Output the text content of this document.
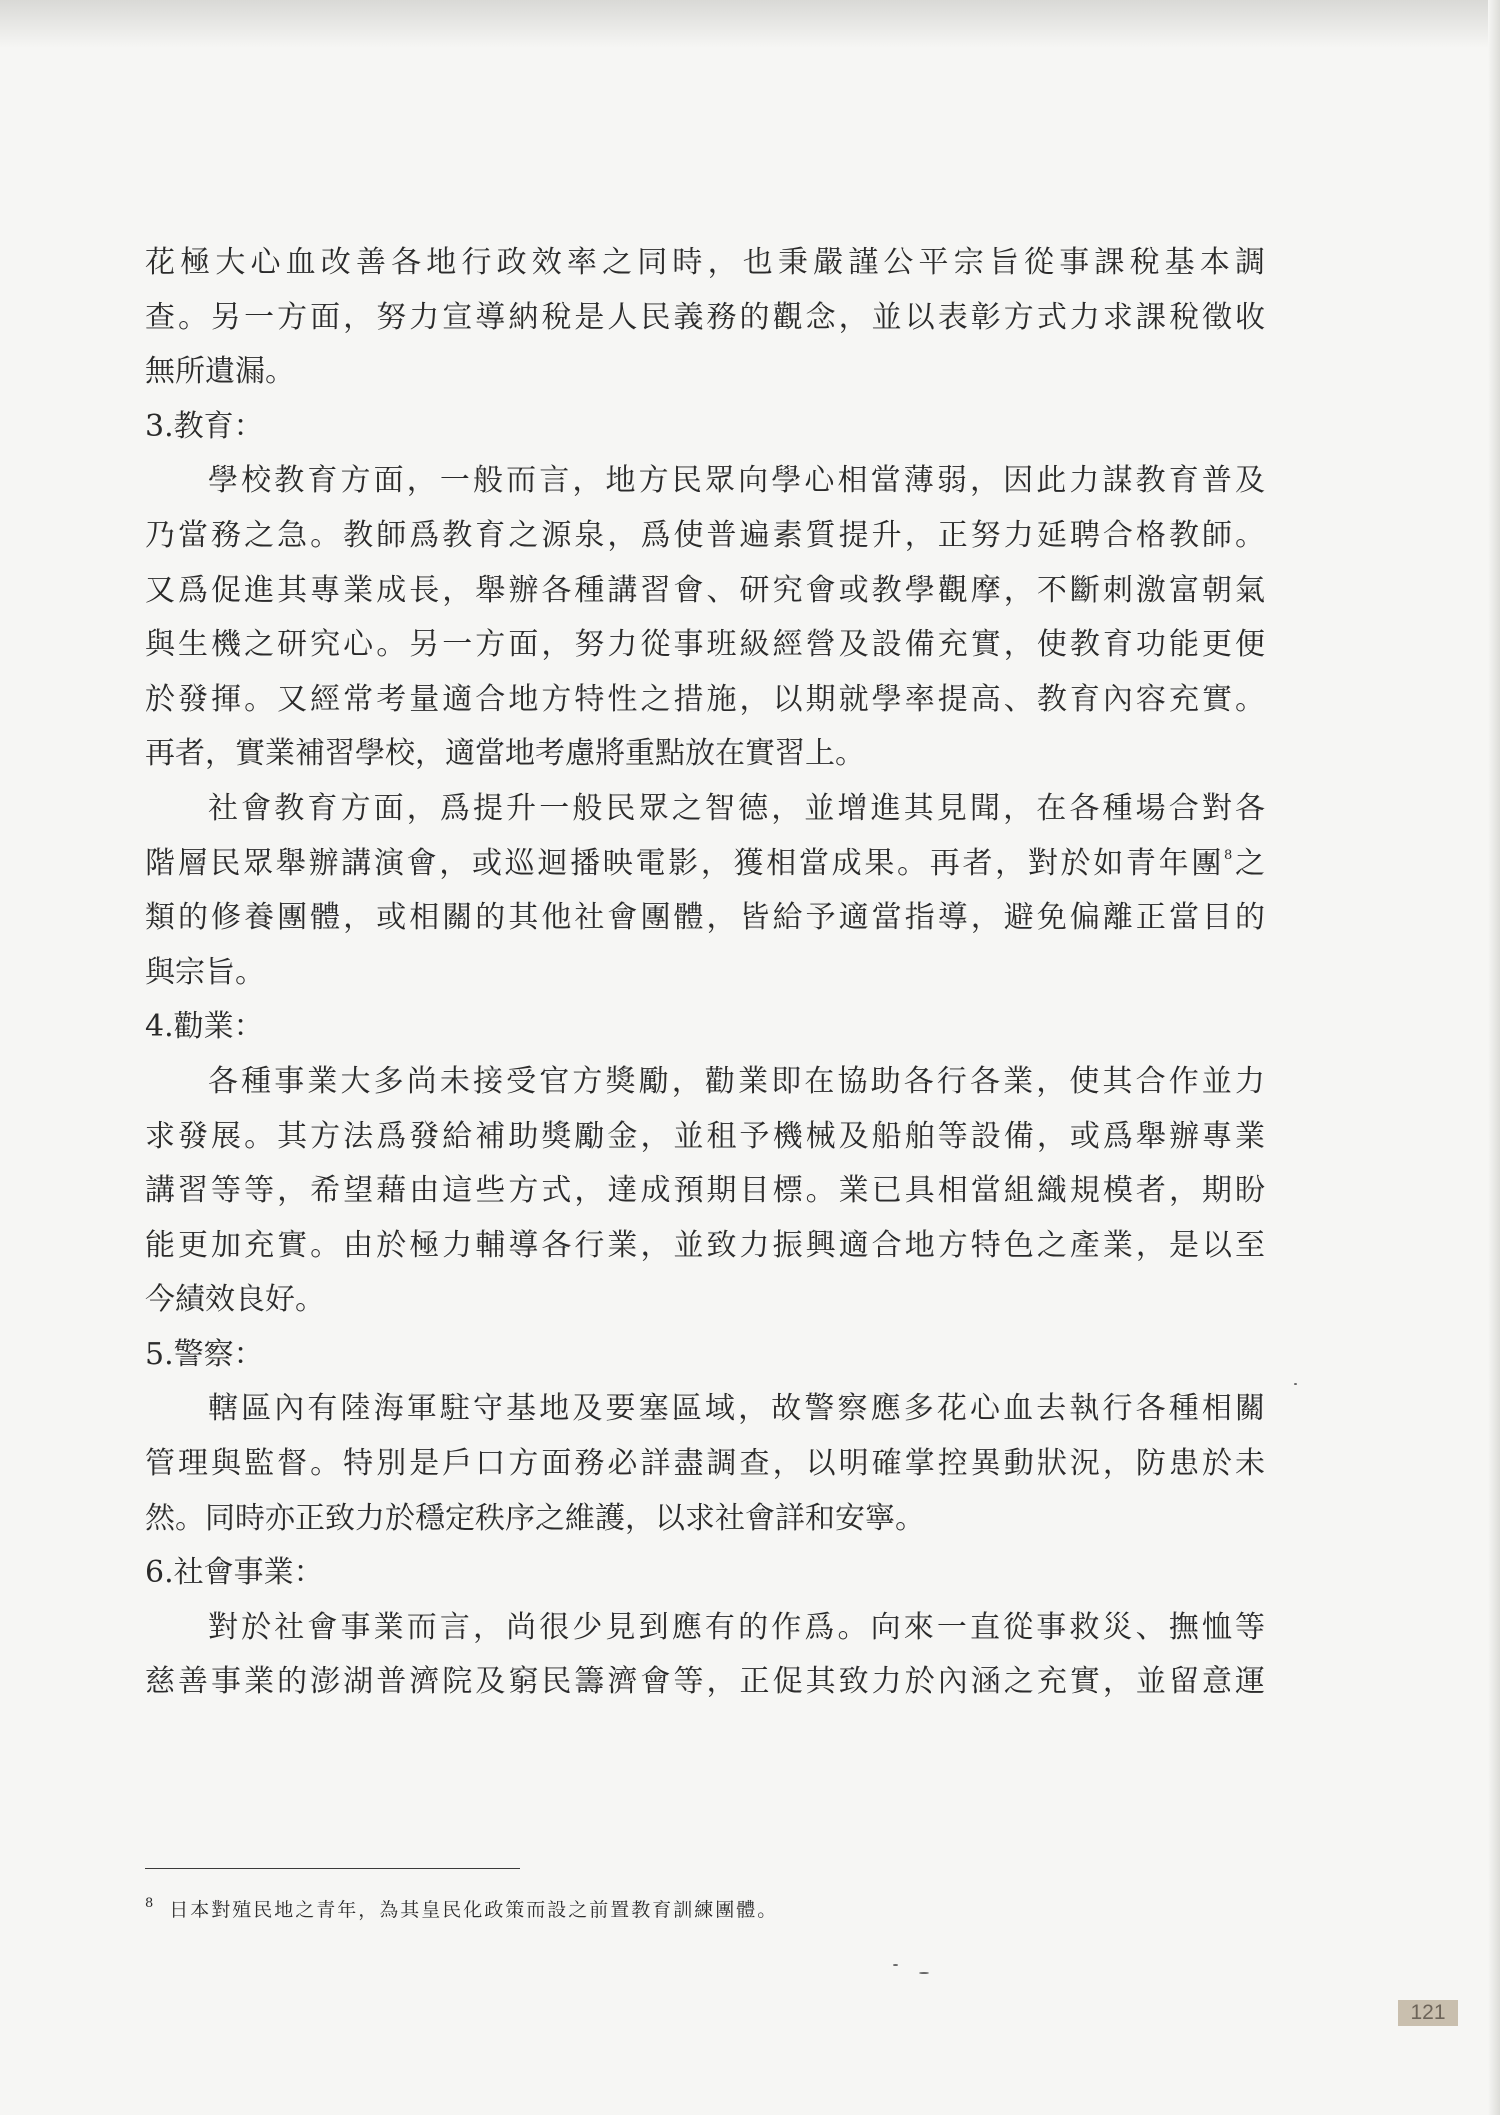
花極大心血改善各地行政效率之同時，也秉嚴謹公平宗旨從事課稅基本調
查。另一方面，努力宣導納稅是人民義務的觀念，並以表彰方式力求課稅徵收
無所遺漏。
3.教育：
學校教育方面，一般而言，地方民眾向學心相當薄弱，因此力謀教育普及
乃當務之急。教師爲教育之源泉，爲使普遍素質提升，正努力延聘合格教師。
又爲促進其專業成長，舉辦各種講習會、研究會或教學觀摩，不斷刺激富朝氣
與生機之研究心。另一方面，努力從事班級經營及設備充實，使教育功能更便
於發揮。又經常考量適合地方特性之措施，以期就學率提高、教育內容充實。
再者，實業補習學校，適當地考慮將重點放在實習上。
社會教育方面，爲提升一般民眾之智德，並增進其見聞，在各種場合對各
階層民眾舉辦講演會，或巡迴播映電影，獲相當成果。再者，對於如青年團$^8$之
類的修養團體，或相關的其他社會團體，皆給予適當指導，避免偏離正當目的
與宗旨。
4.勸業：
各種事業大多尚未接受官方獎勵，勸業即在協助各行各業，使其合作並力
求發展。其方法爲發給補助獎勵金，並租予機械及船舶等設備，或爲舉辦專業
講習等等，希望藉由這些方式，達成預期目標。業已具相當組織規模者，期盼
能更加充實。由於極力輔導各行業，並致力振興適合地方特色之產業，是以至
今績效良好。
5.警察：
轄區內有陸海軍駐守基地及要塞區域，故警察應多花心血去執行各種相關
管理與監督。特別是戶口方面務必詳盡調查，以明確掌控異動狀況，防患於未
然。同時亦正致力於穩定秩序之維護，以求社會詳和安寧。
6.社會事業：
對於社會事業而言，尚很少見到應有的作爲。向來一直從事救災、撫恤等
慈善事業的澎湖普濟院及窮民籌濟會等，正促其致力於內涵之充實，並留意運
$^8$ 日本對殖民地之青年，為其皇民化政策而設之前置教育訓練團體。
121
